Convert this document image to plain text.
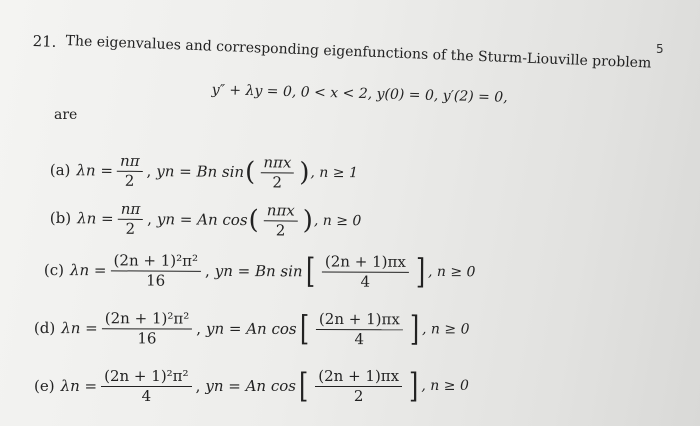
21. The eigenvalues and corresponding eigenfunctions of the Sturm-Liouville problem 5
y″ + λy = 0, 0 < x < 2, y(0) = 0, y′(2) = 0,
are
(a) $\lambda n = \frac{n\pi}{2}$ , yn = Bn sin ( $\frac{\text{nπx}}{2}$ ) , n ≥ 1
(b) $\lambda n = \frac{n\pi}{2}$ , yn = An cos ( $\frac{\text{nπx}}{2}$ ) , n ≥ 0
(c) $\lambda n = \frac{\text{(2n + 1)²π²}}{16}$ , yn = Bn sin [ $\frac{(2n + 1)\pi x}{4}$ ] , n ≥ 0
(d) $\lambda n = \frac{\text{(2n + 1)²π²}}{16}$ , yn = An cos [ $\frac{(2n + 1)\pi x}{4}$ ] , n ≥ 0
(e) $\lambda n = \frac{\text{(2n + 1)²π²}}{4}$ , yn = An cos [ $\frac{(2n + 1)\pi x}{2}$ ] , n ≥ 0
